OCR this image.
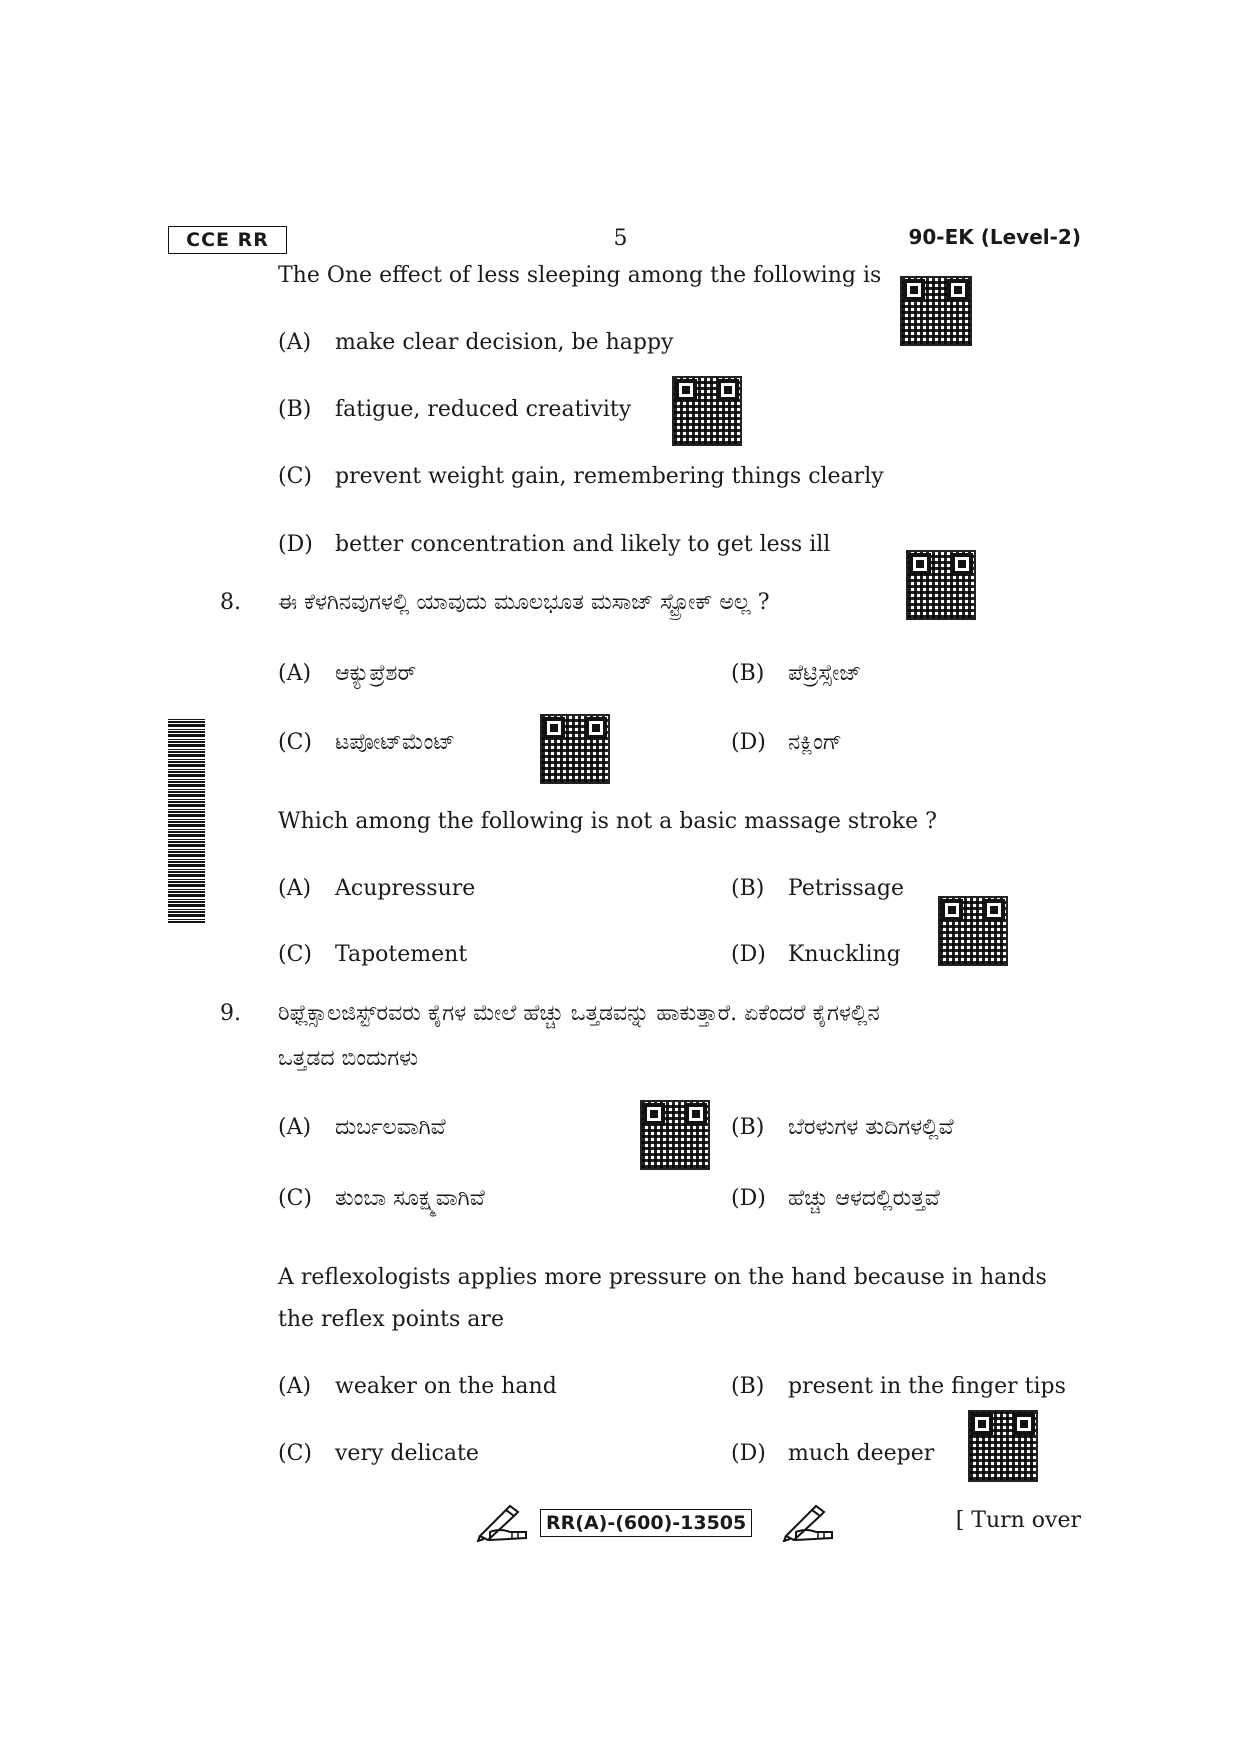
CCE RR	5	90-EK (Level-2)
The One effect of less sleeping among the following is
(A) make clear decision, be happy
(B) fatigue, reduced creativity
(C) prevent weight gain, remembering things clearly
(D) better concentration and likely to get less ill
8. ಈ ಕೆಳಗಿನವುಗಳಲ್ಲಿ ಯಾವುದು ಮೂಲಭೂತ ಮಸಾಜ್ ಸ್ಟ್ರೋಕ್ ಅಲ್ಲ ?
(A) ಆಕ್ಯುಪ್ರೆಶರ್	(B) ಪೆಟ್ರಿಸ್ಸೇಜ್
(C) ಟಪೋಟ್‌ಮೆಂಟ್	(D) ನಕ್ಲಿಂಗ್
Which among the following is not a basic massage stroke ?
(A) Acupressure	(B) Petrissage
(C) Tapotement	(D) Knuckling
9. ರಿಫ್ಲೆಕ್ಸಾಲಜಿಸ್ಟ್‌ರವರು ಕೈಗಳ ಮೇಲೆ ಹೆಚ್ಚು ಒತ್ತಡವನ್ನು ಹಾಕುತ್ತಾರೆ. ಏಕೆಂದರೆ ಕೈಗಳಲ್ಲಿನ
ಒತ್ತಡದ ಬಿಂದುಗಳು
(A) ದುರ್ಬಲವಾಗಿವೆ	(B) ಬೆರಳುಗಳ ತುದಿಗಳಲ್ಲಿವೆ
(C) ತುಂಬಾ ಸೂಕ್ಷ್ಮವಾಗಿವೆ	(D) ಹೆಚ್ಚು ಆಳದಲ್ಲಿರುತ್ತವೆ
A reflexologists applies more pressure on the hand because in hands
the reflex points are
(A) weaker on the hand	(B) present in the finger tips
(C) very delicate	(D) much deeper
RR(A)-(600)-13505	[ Turn over
